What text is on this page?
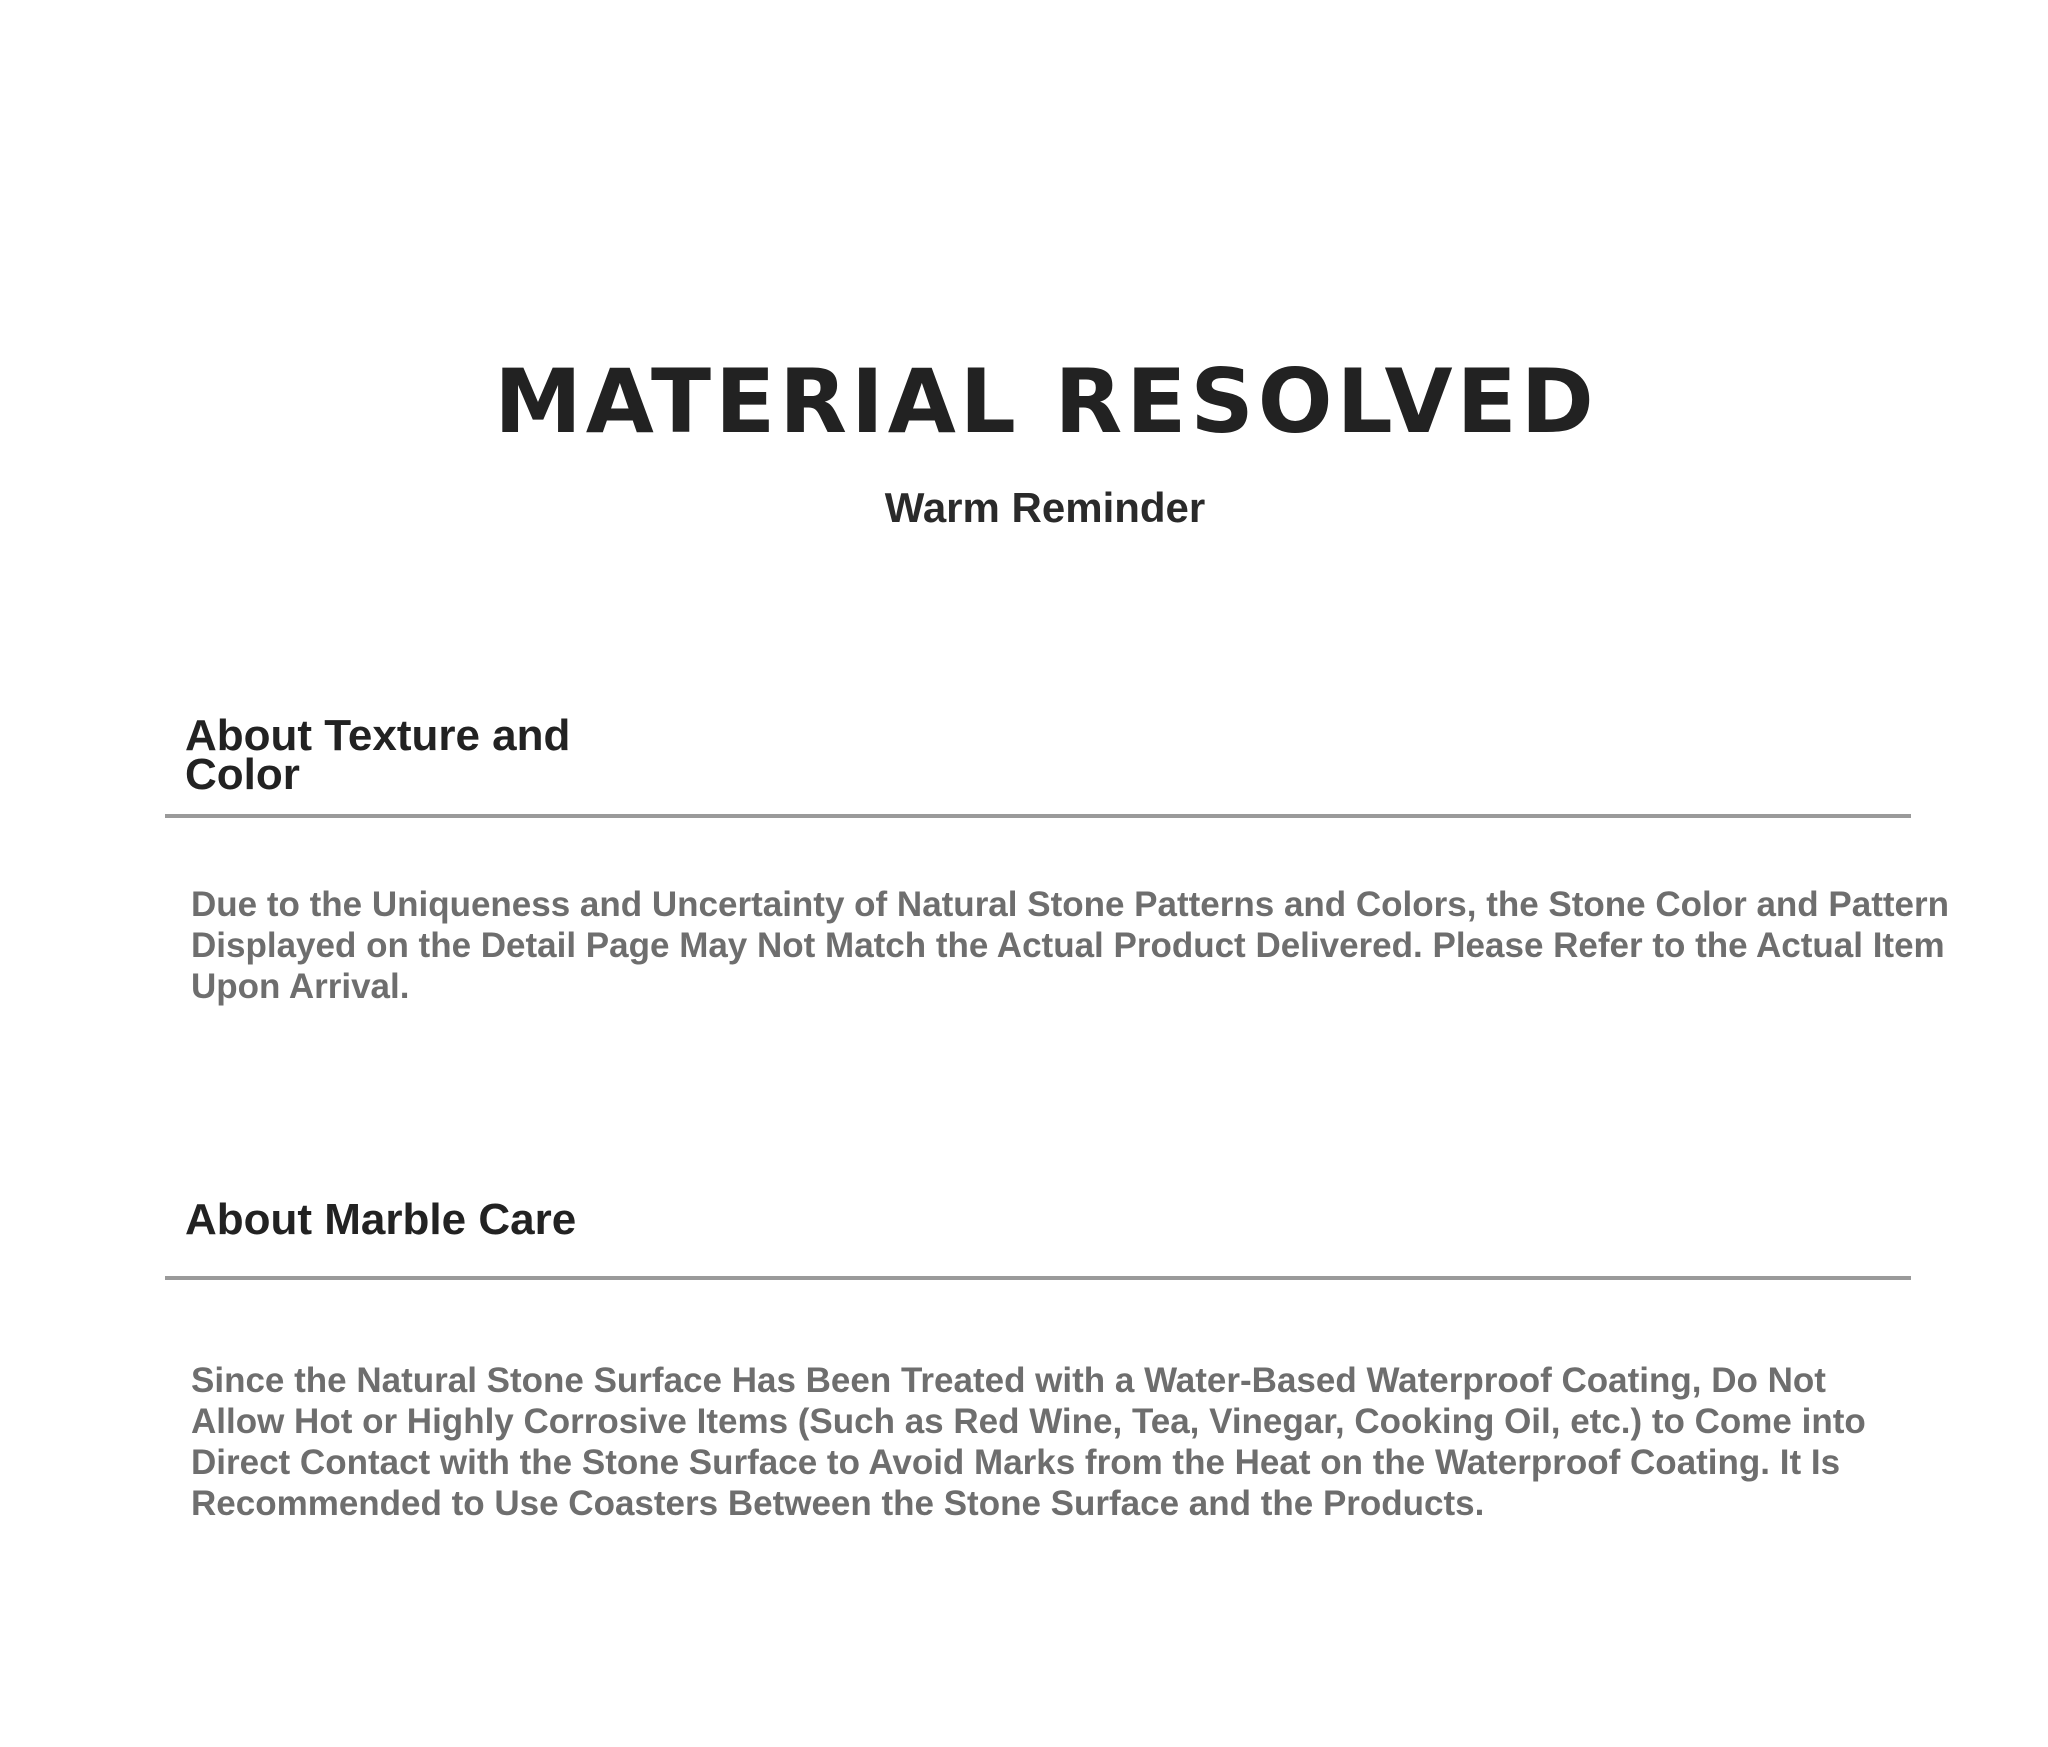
MATERIAL RESOLVED
Warm Reminder
About Texture and Color
Due to the Uniqueness and Uncertainty of Natural Stone Patterns and Colors, the Stone Color and Pattern Displayed on the Detail Page May Not Match the Actual Product Delivered. Please Refer to the Actual Item Upon Arrival.
About Marble Care
Since the Natural Stone Surface Has Been Treated with a Water-Based Waterproof Coating, Do Not Allow Hot or Highly Corrosive Items (Such as Red Wine, Tea, Vinegar, Cooking Oil, etc.) to Come into Direct Contact with the Stone Surface to Avoid Marks from the Heat on the Waterproof Coating. It Is Recommended to Use Coasters Between the Stone Surface and the Products.
